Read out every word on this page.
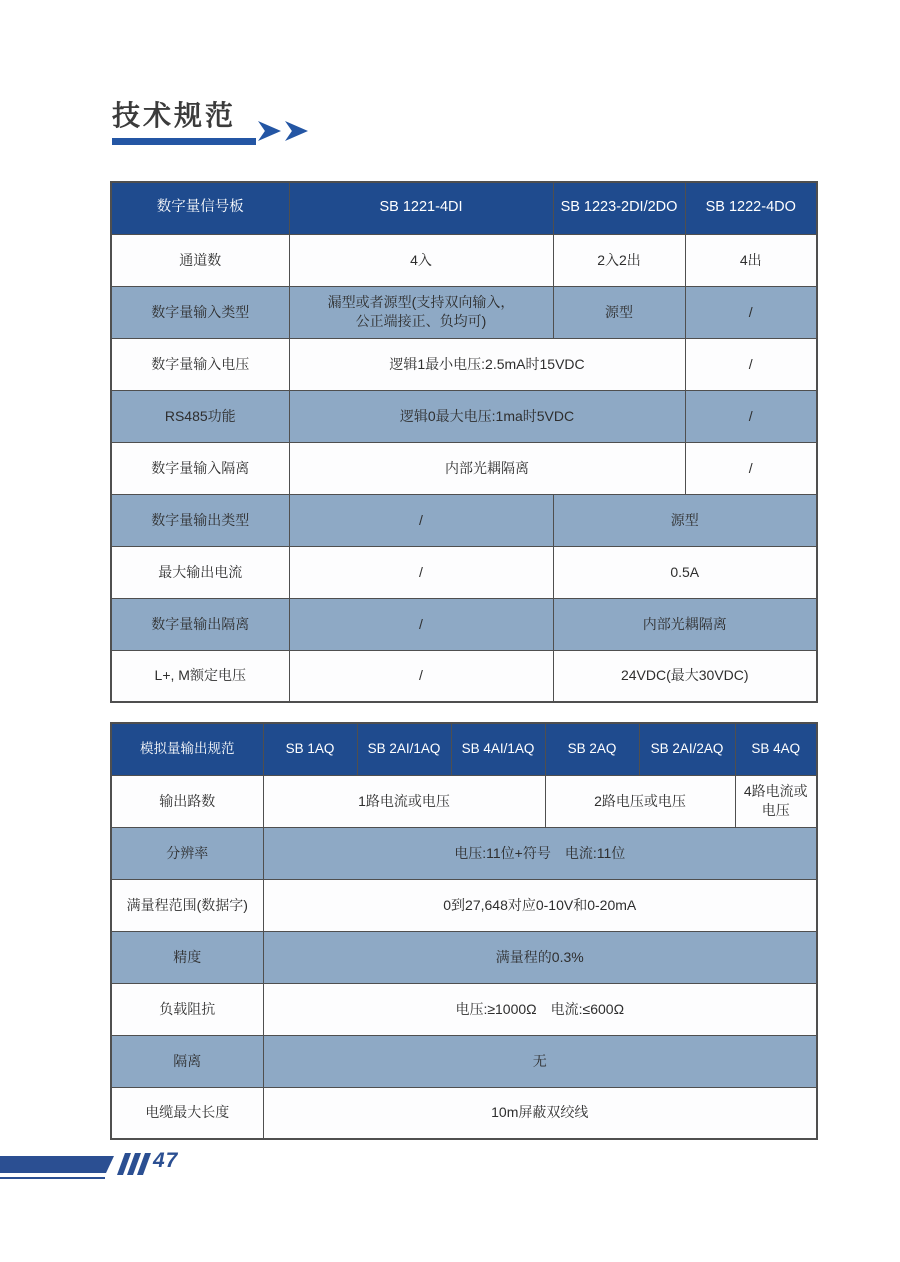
技术规范
数字量信号板	SB 1221-4DI	SB 1223-2DI/2DO	SB 1222-4DO
通道数	4入	2入2出	4出
数字量输入类型	漏型或者源型(支持双向输入，
公正端接正、负均可)	源型	/
数字量输入电压	逻辑1最小电压:2.5mA时15VDC		/
RS485功能	逻辑0最大电压:1ma时5VDC		/
数字量输入隔离	内部光耦隔离		/
数字量输出类型	/	源型	
最大输出电流	/	0.5A	
数字量输出隔离	/	内部光耦隔离	
L+, M额定电压	/	24VDC(最大30VDC)	
模拟量输出规范	SB 1AQ	SB 2AI/1AQ	SB 4AI/1AQ	SB 2AQ	SB 2AI/2AQ	SB 4AQ
输出路数	1路电流或电压			2路电压或电压		4路电流或电压
分辨率	电压:11位+符号　电流:11位					
满量程范围(数据字)	0到27,648对应0-10V和0-20mA					
精度	满量程的0.3%					
负载阻抗	电压:≥1000Ω　电流:≤600Ω					
隔离	无					
电缆最大长度	10m屏蔽双绞线					
47
